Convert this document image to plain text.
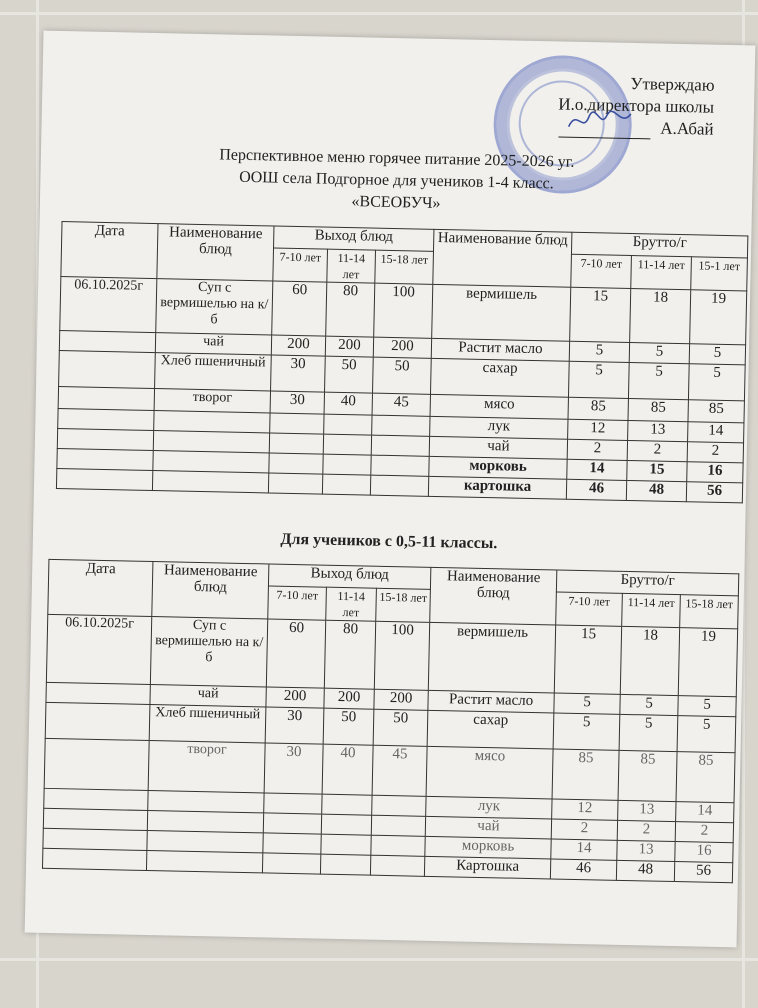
Утверждаю
И.о.директора школы
А.Абай
Перспективное меню горячее питание 2025-2026 уг.
ООШ села Подгорное для учеников 1-4 класс.
«ВСЕОБУЧ»
Дата	Наименование блюд	Выход блюд			Наименование блюд	Брутто/г		
		7-10 лет	11-14 лет	15-18 лет		7-10 лет	11-14 лет	15-1 лет
06.10.2025г	Суп с вермишелью на к/б	60	80	100	вермишель	15	18	19
	чай	200	200	200	Растит масло	5	5	5
	Хлеб пшеничный	30	50	50	сахар	5	5	5
	творог	30	40	45	мясо	85	85	85
					лук	12	13	14
					чай	2	2	2
					морковь	14	15	16
					картошка	46	48	56
Для учеников с 0,5-11 классы.
Дата	Наименование блюд	Выход блюд			Наименование блюд	Брутто/г		
		7-10 лет	11-14 лет	15-18 лет		7-10 лет	11-14 лет	15-18 лет
06.10.2025г	Суп с вермишелью на к/б	60	80	100	вермишель	15	18	19
	чай	200	200	200	Растит масло	5	5	5
	Хлеб пшеничный	30	50	50	сахар	5	5	5
	творог	30	40	45	мясо	85	85	85
					лук	12	13	14
					чай	2	2	2
					морковь	14	13	16
					Картошка	46	48	56
